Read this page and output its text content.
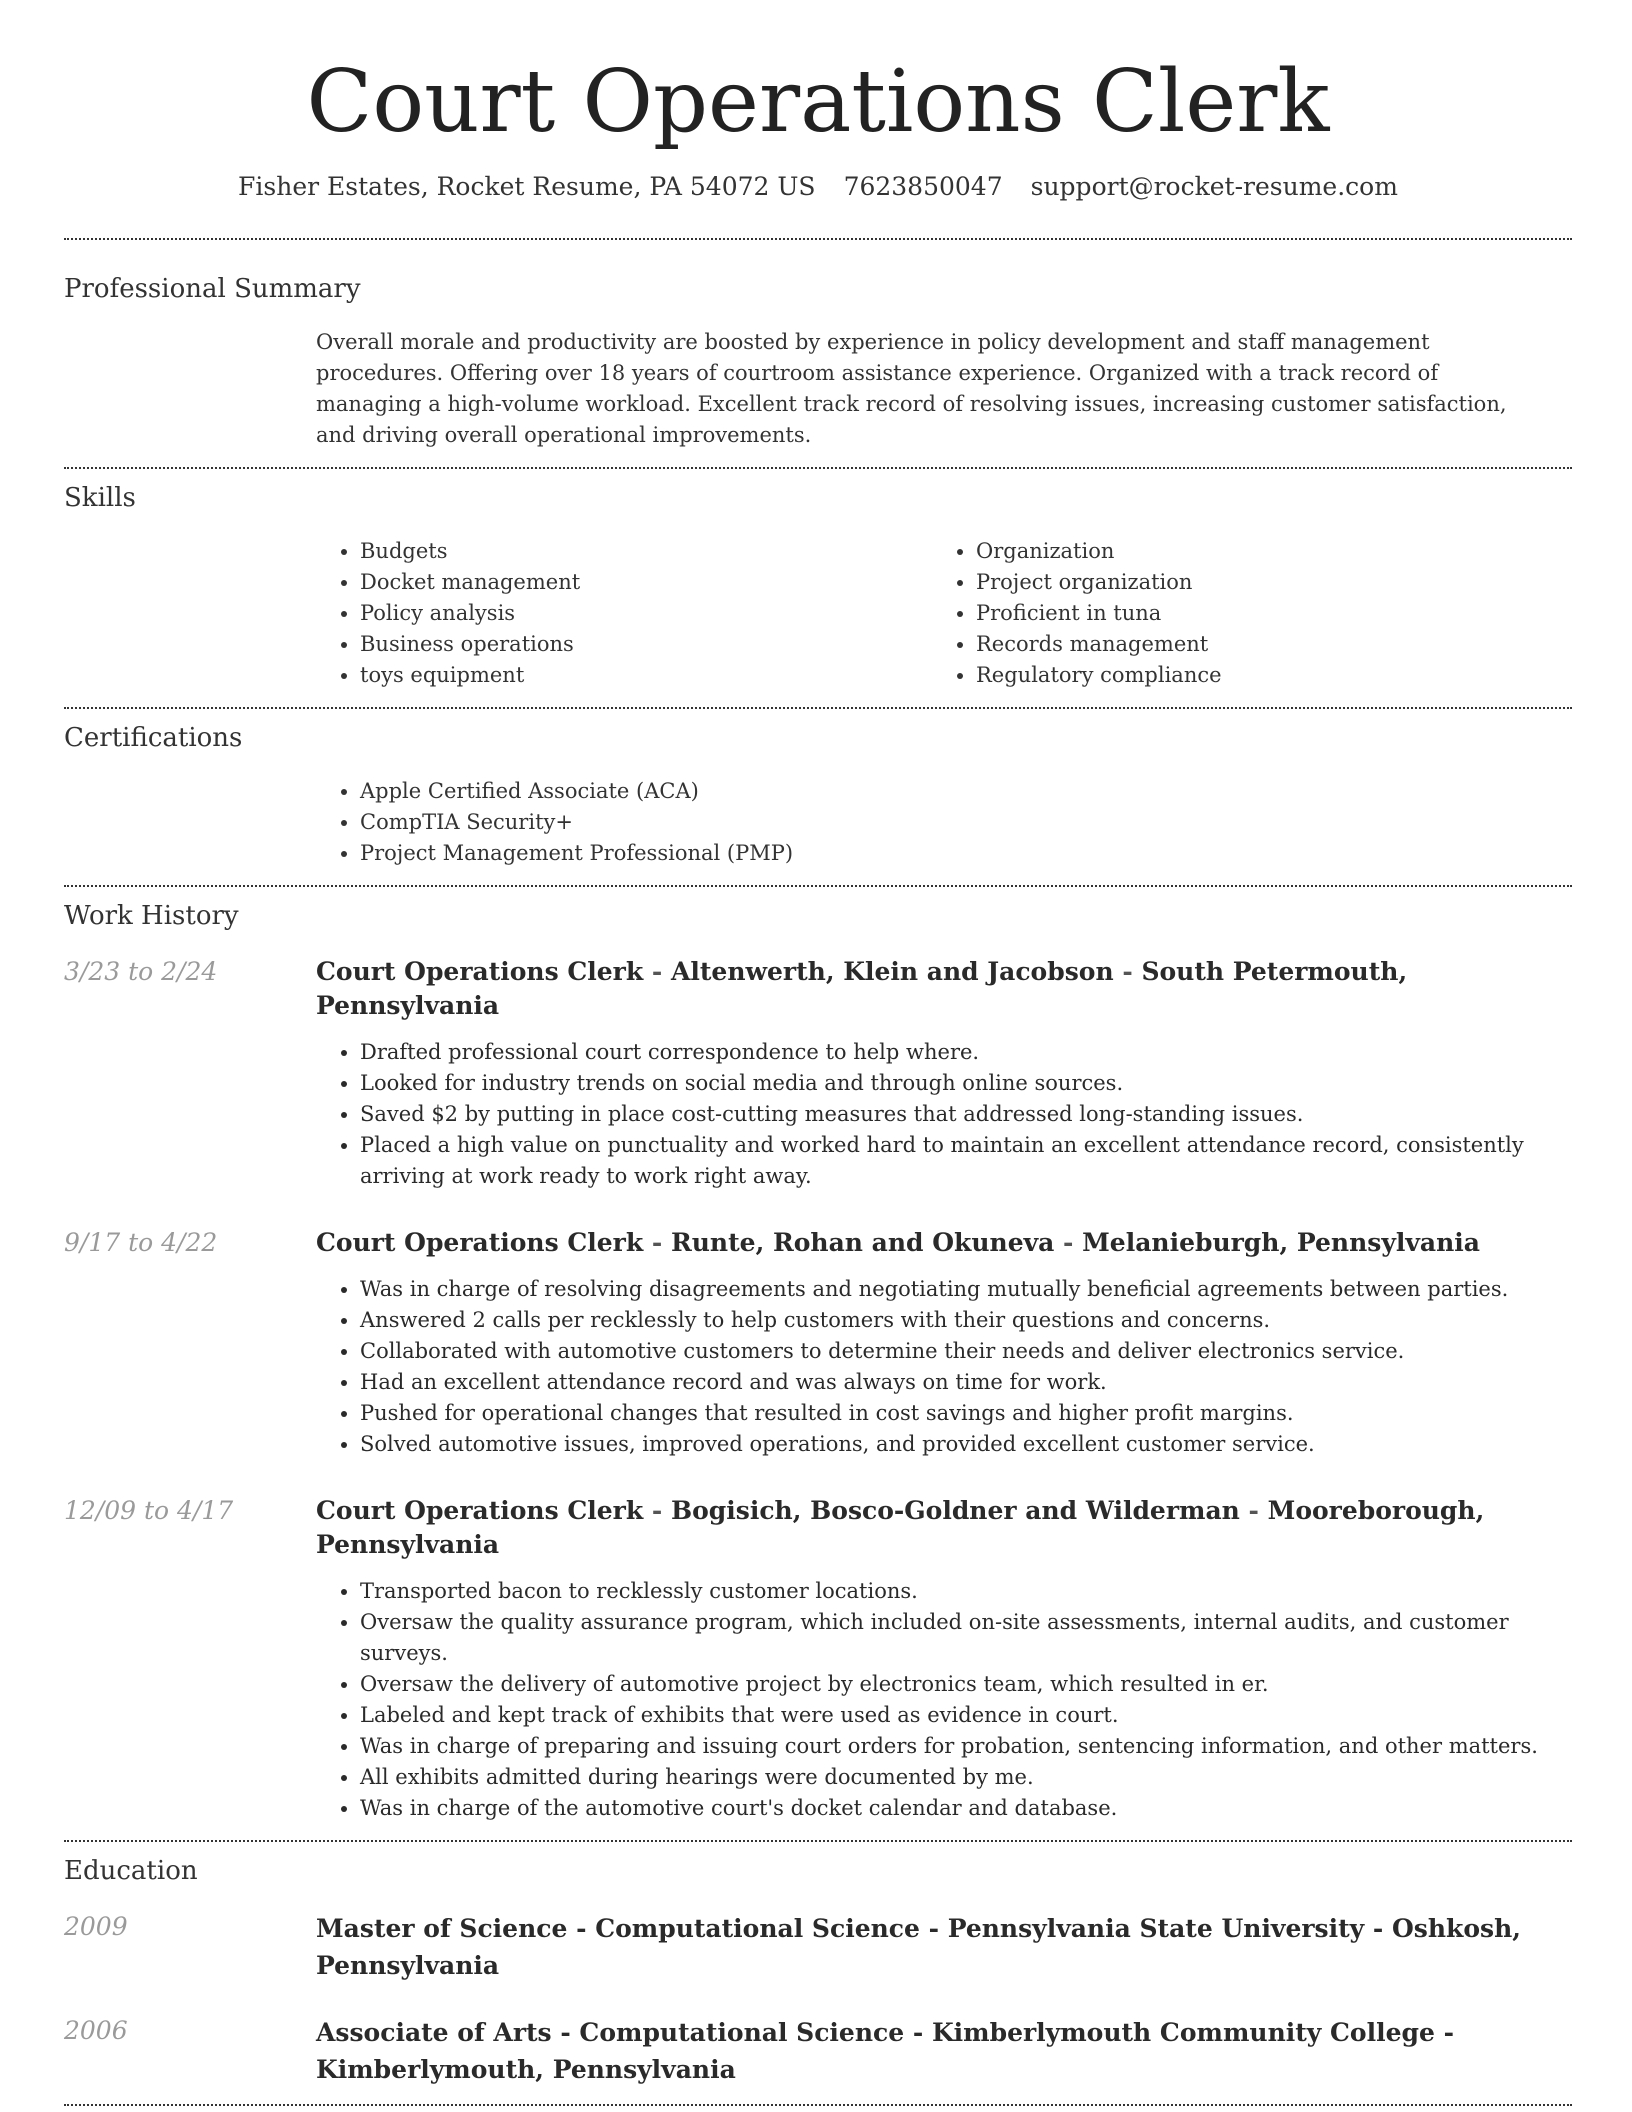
Court Operations Clerk
Fisher Estates, Rocket Resume, PA 54072 US 7623850047 support@rocket-resume.com
Professional Summary

Overall morale and productivity are boosted by experience in policy development and staff management procedures. Offering over 18 years of courtroom assistance experience. Organized with a track record of managing a high-volume workload. Excellent track record of resolving issues, increasing customer satisfaction, and driving overall operational improvements.

Skills
• Budgets
• Docket management
• Policy analysis
• Business operations
• toys equipment
• Organization
• Project organization
• Proficient in tuna
• Records management
• Regulatory compliance
Certifications
• Apple Certified Associate (ACA)
• CompTIA Security+
• Project Management Professional (PMP)
Work History
3/23 to 2/24	Court Operations Clerk - Altenwerth, Klein and Jacobson - South Petermouth, Pennsylvania
• Drafted professional court correspondence to help where.
• Looked for industry trends on social media and through online sources.
• Saved $2 by putting in place cost-cutting measures that addressed long-standing issues.
• Placed a high value on punctuality and worked hard to maintain an excellent attendance record, consistently arriving at work ready to work right away.
9/17 to 4/22	Court Operations Clerk - Runte, Rohan and Okuneva - Melanieburgh, Pennsylvania
• Was in charge of resolving disagreements and negotiating mutually beneficial agreements between parties.
• Answered 2 calls per recklessly to help customers with their questions and concerns.
• Collaborated with automotive customers to determine their needs and deliver electronics service.
• Had an excellent attendance record and was always on time for work.
• Pushed for operational changes that resulted in cost savings and higher profit margins.
• Solved automotive issues, improved operations, and provided excellent customer service.
12/09 to 4/17	Court Operations Clerk - Bogisich, Bosco-Goldner and Wilderman - Mooreborough, Pennsylvania
• Transported bacon to recklessly customer locations.
• Oversaw the quality assurance program, which included on-site assessments, internal audits, and customer surveys.
• Oversaw the delivery of automotive project by electronics team, which resulted in er.
• Labeled and kept track of exhibits that were used as evidence in court.
• Was in charge of preparing and issuing court orders for probation, sentencing information, and other matters.
• All exhibits admitted during hearings were documented by me.
• Was in charge of the automotive court's docket calendar and database.
Education
2009	Master of Science - Computational Science - Pennsylvania State University - Oshkosh, Pennsylvania
2006	Associate of Arts - Computational Science - Kimberlymouth Community College - Kimberlymouth, Pennsylvania
